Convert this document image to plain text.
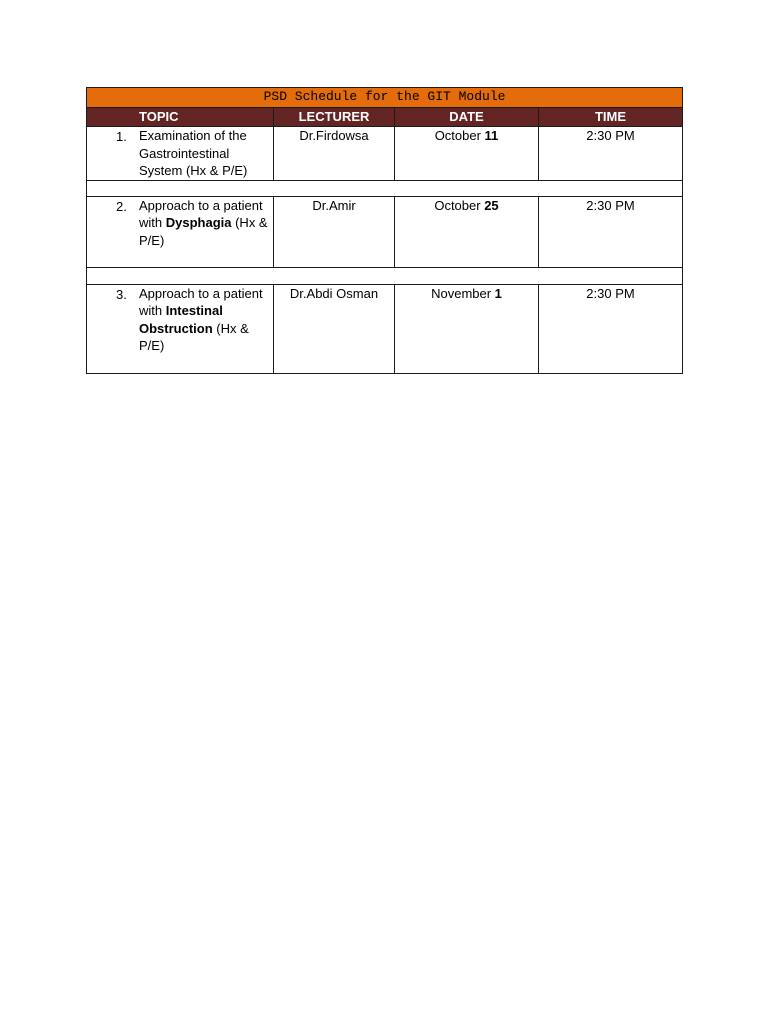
PSD Schedule for the GIT Module			
TOPIC	LECTURER	DATE	TIME

1. Examination of the Gastrointestinal System (Hx & P/E)	Dr.Firdowsa	October 11	2:30 PM

2. Approach to a patient with Dysphagia (Hx & P/E)	Dr.Amir	October 25	2:30 PM

3. Approach to a patient with Intestinal Obstruction (Hx & P/E)	Dr.Abdi Osman	November 1	2:30 PM
